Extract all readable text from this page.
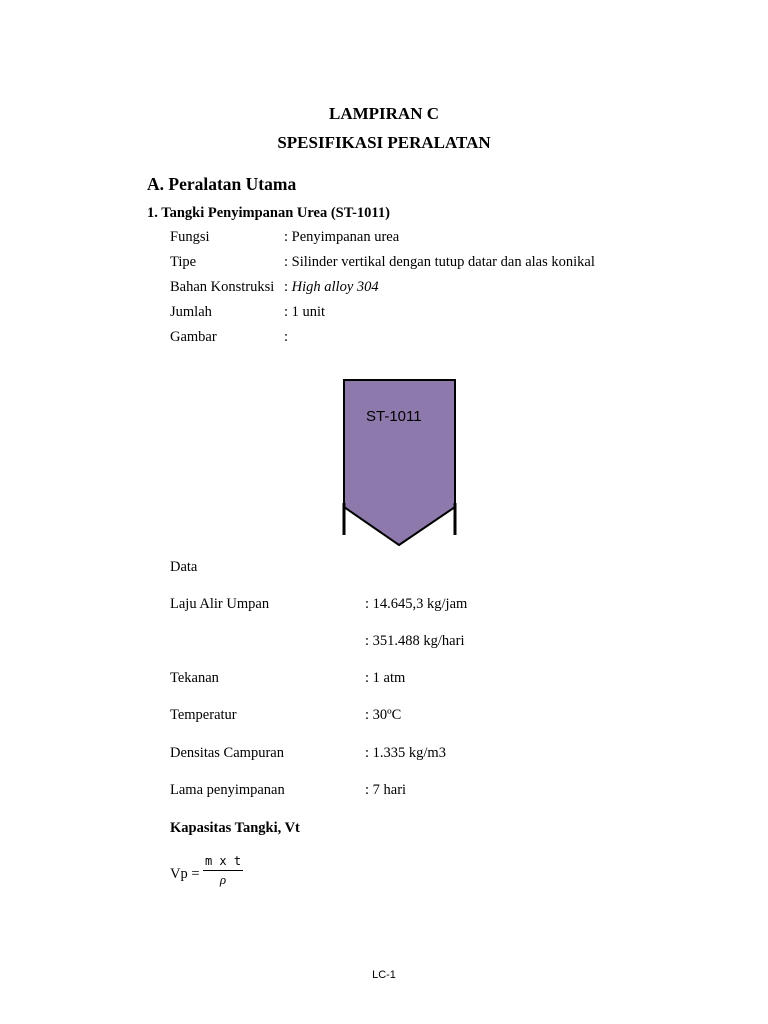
LAMPIRAN C
SPESIFIKASI PERALATAN
A. Peralatan Utama
1. Tangki Penyimpanan Urea (ST-1011)
Fungsi	: Penyimpanan urea
Tipe	: Silinder vertikal dengan tutup datar dan alas konikal
Bahan Konstruksi : High alloy 304
Jumlah	: 1 unit
Gambar	:
ST-1011
Data
Laju Alir Umpan	: 14.645,3 kg/jam
: 351.488 kg/hari
Tekanan	: 1 atm
Temperatur	: 30ºC
Densitas Campuran	: 1.335 kg/m3
Lama penyimpanan	: 7 hari
Kapasitas Tangki, Vt
Vp =
m x t
ρ
LC-1
